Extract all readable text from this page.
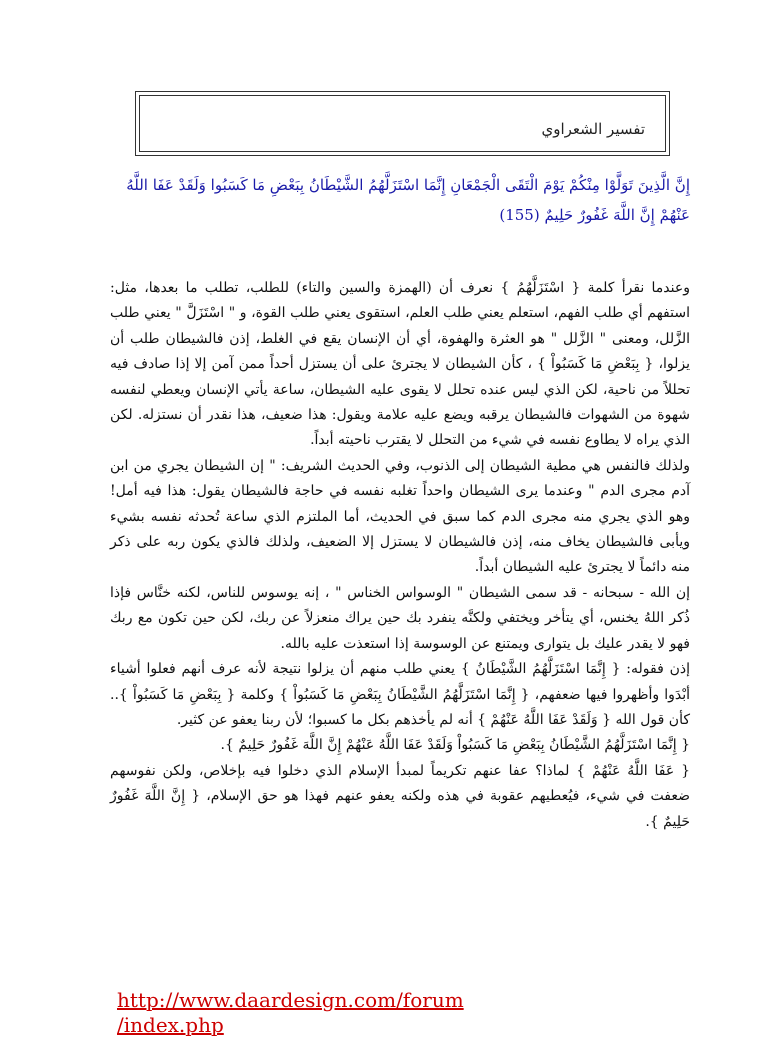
تفسير الشعراوي
إِنَّ الَّذِينَ تَوَلَّوْا مِنْكُمْ يَوْمَ الْتَقَى الْجَمْعَانِ إِنَّمَا اسْتَزَلَّهُمُ الشَّيْطَانُ بِبَعْضِ مَا كَسَبُوا وَلَقَدْ عَفَا اللَّهُ عَنْهُمْ إِنَّ اللَّهَ غَفُورٌ حَلِيمٌ (155)

وعندما نقرأ كلمة { اسْتَزَلَّهُمُ } نعرف أن (الهمزة والسين والتاء) للطلب، تطلب ما بعدها، مثل: استفهم أي طلب الفهم، استعلم يعني طلب العلم، استقوى يعني طلب القوة، و " اسْتَزَلَّ " يعني طلب الزَّلل، ومعنى " الزَّلل " هو العثرة والهفوة، أي أن الإنسان يقع في الغلط، إذن فالشيطان طلب أن يزلوا، { بِبَعْضِ مَا كَسَبُواْ } ، كأن الشيطان لا يجترئ على أن يستزل أحداً ممن آمن إلا إذا صادف فيه تحللاً من ناحية، لكن الذي ليس عنده تحلل لا يقوى عليه الشيطان، ساعة يأتي الإنسان ويعطي لنفسه شهوة من الشهوات فالشيطان يرقبه ويضع عليه علامة ويقول: هذا ضعيف، هذا نقدر أن نستزله. لكن الذي يراه لا يطاوع نفسه في شيء من التحلل لا يقترب ناحيته أبداً.

ولذلك فالنفس هي مطية الشيطان إلى الذنوب، وفي الحديث الشريف: " إن الشيطان يجري من ابن آدم مجرى الدم " وعندما يرى الشيطان واحداً تغلبه نفسه في حاجة فالشيطان يقول: هذا فيه أمل! وهو الذي يجري منه مجرى الدم كما سبق في الحديث، أما الملتزم الذي ساعة تُحدثه نفسه بشيء ويأبى فالشيطان يخاف منه، إذن فالشيطان لا يستزل إلا الضعيف، ولذلك فالذي يكون ربه على ذكر منه دائماً لا يجترئ عليه الشيطان أبداً.

إن الله - سبحانه - قد سمى الشيطان " الوسواس الخناس " ، إنه يوسوس للناس، لكنه خنَّاس فإذا ذُكر اللهُ يخنس، أي يتأخر ويختفي ولكنَّه ينفرد بك حين يراك منعزلاً عن ربك، لكن حين تكون مع ربك فهو لا يقدر عليك بل يتوارى ويمتنع عن الوسوسة إذا استعذت عليه بالله.

إذن فقوله: { إِنَّمَا اسْتَزَلَّهُمُ الشَّيْطَانُ } يعني طلب منهم أن يزلوا نتيجة لأنه عرف أنهم فعلوا أشياء أبْدَوا وأظهروا فيها ضعفهم، { إِنَّمَا اسْتَزَلَّهُمُ الشَّيْطَانُ بِبَعْضِ مَا كَسَبُواْ } وكلمة { بِبَعْضِ مَا كَسَبُواْ }.. كأن قول الله { وَلَقَدْ عَفَا اللَّهُ عَنْهُمْ } أنه لم يأخذهم بكل ما كسبوا؛ لأن ربنا يعفو عن كثير.

{ إِنَّمَا اسْتَزَلَّهُمُ الشَّيْطَانُ بِبَعْضِ مَا كَسَبُواْ وَلَقَدْ عَفَا اللَّهُ عَنْهُمْ إِنَّ اللَّهَ غَفُورٌ حَلِيمٌ }.

{ عَفَا اللَّهُ عَنْهُمْ } لماذا؟ عفا عنهم تكريماً لمبدأ الإسلام الذي دخلوا فيه بإخلاص، ولكن نفوسهم ضعفت في شيء، فيُعطيهم عقوبة في هذه ولكنه يعفو عنهم فهذا هو حق الإسلام، { إِنَّ اللَّهَ غَفُورٌ حَلِيمٌ }.

http://www.daardesign.com/forum
/index.php
